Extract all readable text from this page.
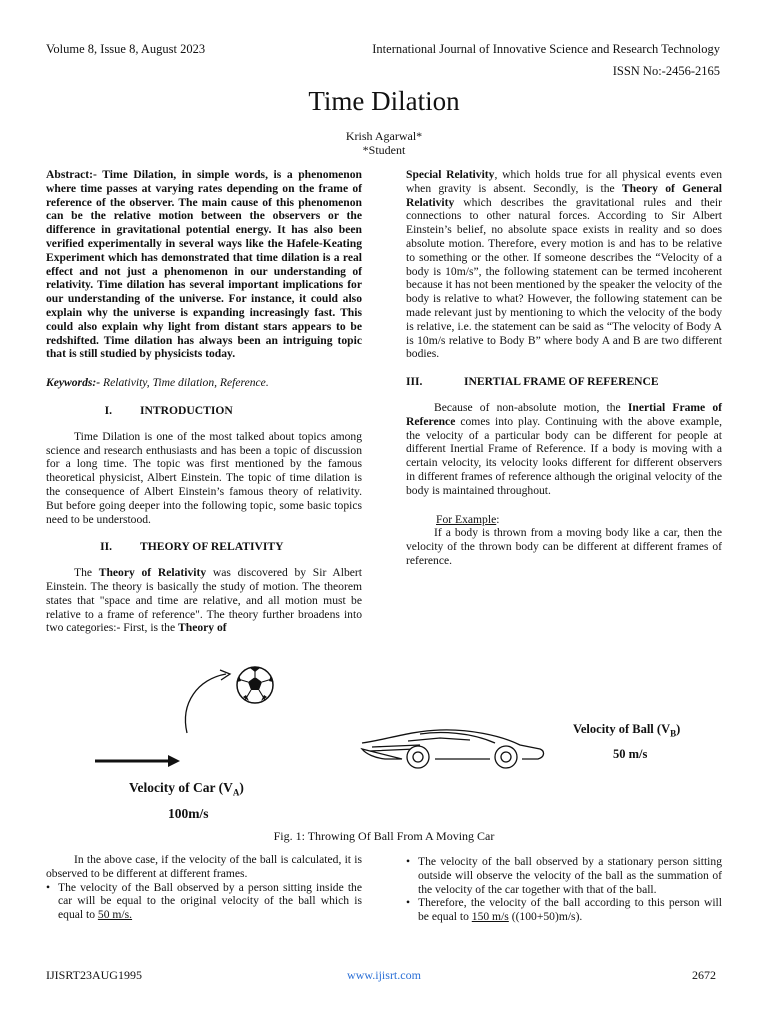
Volume 8, Issue 8, August 2023	International Journal of Innovative Science and Research Technology
ISSN No:-2456-2165
Time Dilation
Krish Agarwal*
*Student

Abstract:- Time Dilation, in simple words, is a phenomenon where time passes at varying rates depending on the frame of reference of the observer. The main cause of this phenomenon can be the relative motion between the observers or the difference in gravitational potential energy. It has also been verified experimentally in several ways like the Hafele-Keating Experiment which has demonstrated that time dilation is a real effect and not just a phenomenon in our understanding of relativity. Time dilation has several important implications for our understanding of the universe. For instance, it could also explain why the universe is expanding increasingly fast. This could also explain why light from distant stars appears to be redshifted. Time dilation has always been an intriguing topic that is still studied by physicists today.

Keywords:- Relativity, Time dilation, Reference.

I.	INTRODUCTION

Time Dilation is one of the most talked about topics among science and research enthusiasts and has been a topic of discussion for a long time. The topic was first mentioned by the famous theoretical physicist, Albert Einstein. The topic of time dilation is the consequence of Albert Einstein’s famous theory of relativity. But before going deeper into the following topic, some basic topics need to be understood.

II.	THEORY OF RELATIVITY

The Theory of Relativity was discovered by Sir Albert Einstein. The theory is basically the study of motion. The theorem states that "space and time are relative, and all motion must be relative to a frame of reference". The theory further broadens into two categories:- First, is the Theory of

Special Relativity, which holds true for all physical events even when gravity is absent. Secondly, is the Theory of General Relativity which describes the gravitational rules and their connections to other natural forces. According to Sir Albert Einstein’s belief, no absolute space exists in reality and so does absolute motion. Therefore, every motion is and has to be relative to something or the other. If someone describes the “Velocity of a body is 10m/s”, the following statement can be termed incoherent because it has not been mentioned by the speaker the velocity of the body is relative to what? However, the following statement can be made relevant just by mentioning to which the velocity of the body is relative, i.e. the statement can be said as “The velocity of Body A is 10m/s relative to Body B” where body A and B are two different bodies.

III.	INERTIAL FRAME OF REFERENCE

Because of non-absolute motion, the Inertial Frame of Reference comes into play. Continuing with the above example, the velocity of a particular body can be different for people at different Inertial Frame of Reference. If a body is moving with a certain velocity, its velocity looks different for different observers in different frames of reference although the original velocity of the body is maintained throughout.

For Example:

If a body is thrown from a moving body like a car, then the velocity of the thrown body can be different at different frames of reference.

Velocity of Ball $(V_B)$
50 m/s
Velocity of Car $(V_A)$
100m/s
Fig. 1: Throwing Of Ball From A Moving Car

In the above case, if the velocity of the ball is calculated, it is observed to be different at different frames.

• The velocity of the Ball observed by a person sitting inside the car will be equal to the original velocity of the ball which is equal to 50 m/s.
• The velocity of the ball observed by a stationary person sitting outside will observe the velocity of the ball as the summation of the velocity of the car together with that of the ball.
• Therefore, the velocity of the ball according to this person will be equal to 150 m/s ((100+50)m/s).
IJISRT23AUG1995	www.ijisrt.com	2672
